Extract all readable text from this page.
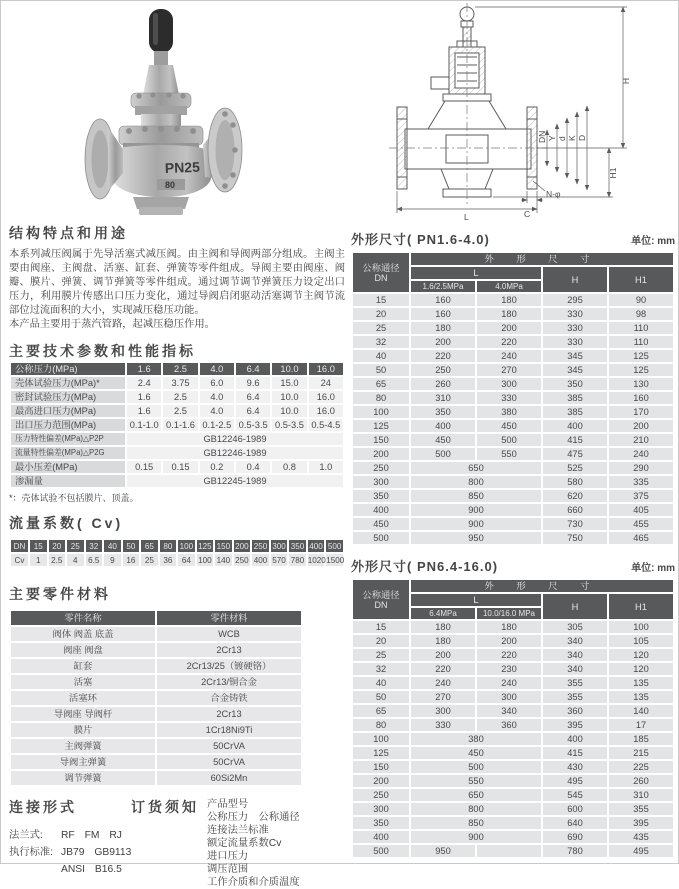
PN25
80
H
H1
DN Y d K D
N-φ
C
L
结构特点和用途

本系列减压阀属于先导活塞式减压阀。由主阀和导阀两部分组成。主阀主要由阀座、主阀盘、活塞、缸套、弹簧等零件组成。导阀主要由阀座、阀瓣、膜片、弹簧、调节弹簧等零件组成。通过调节调节弹簧压力设定出口压力，利用膜片传感出口压力变化，通过导阀启闭驱动活塞调节主阀节流部位过流面积的大小，实现减压稳压功能。

本产品主要用于蒸汽管路，起减压稳压作用。

主要技术参数和性能指标
公称压力(MPa)	1.6	2.5	4.0	6.4	10.0	16.0
壳体试验压力(MPa)*	2.4	3.75	6.0	9.6	15.0	24
密封试验压力(MPa)	1.6	2.5	4.0	6.4	10.0	16.0
最高进口压力(MPa)	1.6	2.5	4.0	6.4	10.0	16.0
出口压力范围(MPa)	0.1-1.0	0.1-1.6	0.1-2.5	0.5-3.5	0.5-3.5	0.5-4.5
压力特性偏差(MPa)△P2P	GB12246-1989					
流量特性偏差(MPa)△P2G	GB12246-1989					
最小压差(MPa)	0.15	0.15	0.2	0.4	0.8	1.0
渗漏量	GB12245-1989					
*：壳体试验不包括膜片、顶盖。
流量系数( Cv)
DN	15	20	25	32	40	50	65	80	100	125	150	200	250	300	350	400	500
Cv	1	2.5	4	6.5	9	16	25	36	64	100	140	250	400	570	780	1020	1500
主要零件材料
零件名称	零件材料
阀体 阀盖 底盖	WCB
阀座 阀盘	2Cr13
缸套	2Cr13/25（镀硬铬）
活塞	2Cr13/铜合金
活塞环	合金铸铁
导阀座 导阀杆	2Cr13
膜片	1Cr18Ni9Ti
主阀弹簧	50CrVA
导阀主弹簧	50CrVA
调节弹簧	60Si2Mn
连接形式
法兰式: RF FM RJ
执行标准: JB79 GB9113
ANSI B16.5
订货须知 产品型号
公称压力　公称通径
连接法兰标准
额定流量系数Cv
进口压力
调压范围
工作介质和介质温度
外形尺寸( PN1.6-4.0)	单位: mm
公称通径
DN	外 形 尺 寸			
	L		H	H1
	1.6/2.5MPa	4.0MPa		
15	160	180	295	90
20	160	180	330	98
25	180	200	330	110
32	200	220	330	110
40	220	240	345	125
50	250	270	345	125
65	260	300	350	130
80	310	330	385	160
100	350	380	385	170
125	400	450	400	200
150	450	500	415	210
200	500	550	475	240
250	650		525	290
300	800		580	335
350	850		620	375
400	900		660	405
450	900		730	455
500	950		750	465
外形尺寸( PN6.4-16.0)	单位: mm
公称通径
DN	外 形 尺 寸			
	L		H	H1
	6.4MPa	10.0/16.0 MPa		
15	180	180	305	100
20	180	200	340	105
25	200	220	340	120
32	220	230	340	120
40	240	240	355	135
50	270	300	355	135
65	300	340	360	140
80	330	360	395	17
100	380		400	185
125	450		415	215
150	500		430	225
200	550		495	260
250	650		545	310
300	800		600	355
350	850		640	395
400	900		690	435
500	950		780	495
